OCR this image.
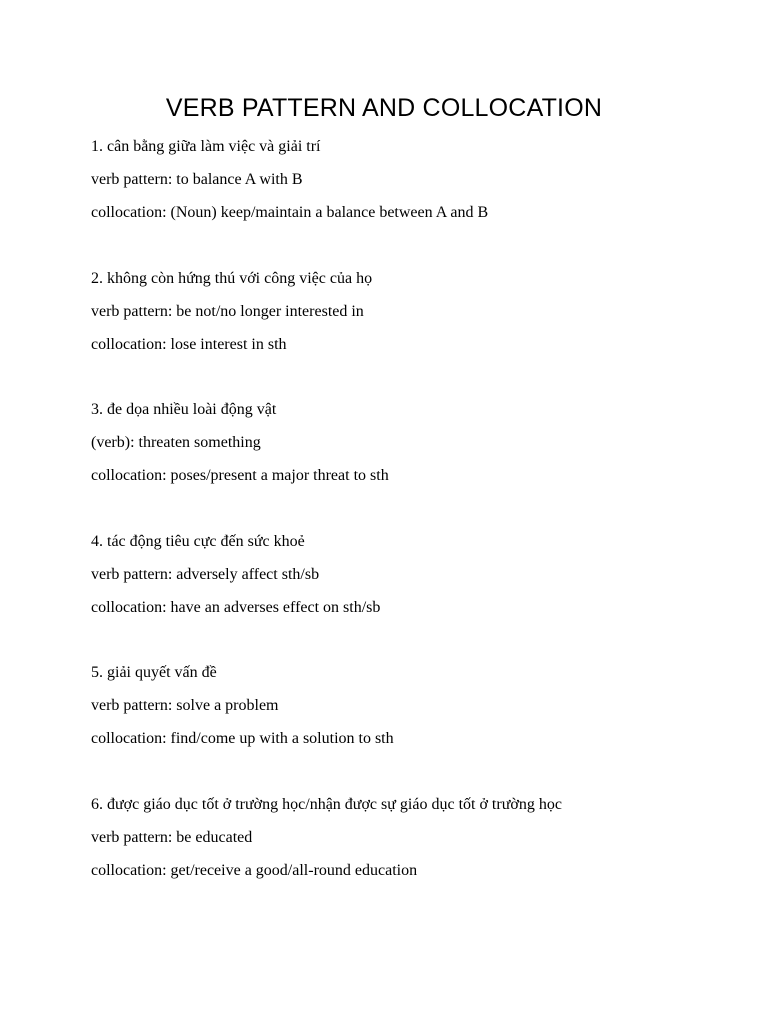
VERB PATTERN AND COLLOCATION
1. cân bằng giữa làm việc và giải trí
verb pattern: to balance A with B
collocation: (Noun) keep/maintain a balance between A and B
2. không còn hứng thú với công việc của họ
verb pattern: be not/no longer interested in
collocation: lose interest in sth
3. đe dọa nhiều loài động vật
(verb): threaten something
collocation: poses/present a major threat to sth
4. tác động tiêu cực đến sức khoẻ
verb pattern: adversely affect sth/sb
collocation: have an adverses effect on sth/sb
5. giải quyết vấn đề
verb pattern: solve a problem
collocation: find/come up with a solution to sth
6. được giáo dục tốt ở trường học/nhận được sự giáo dục tốt ở trường học
verb pattern: be educated
collocation: get/receive a good/all-round education
